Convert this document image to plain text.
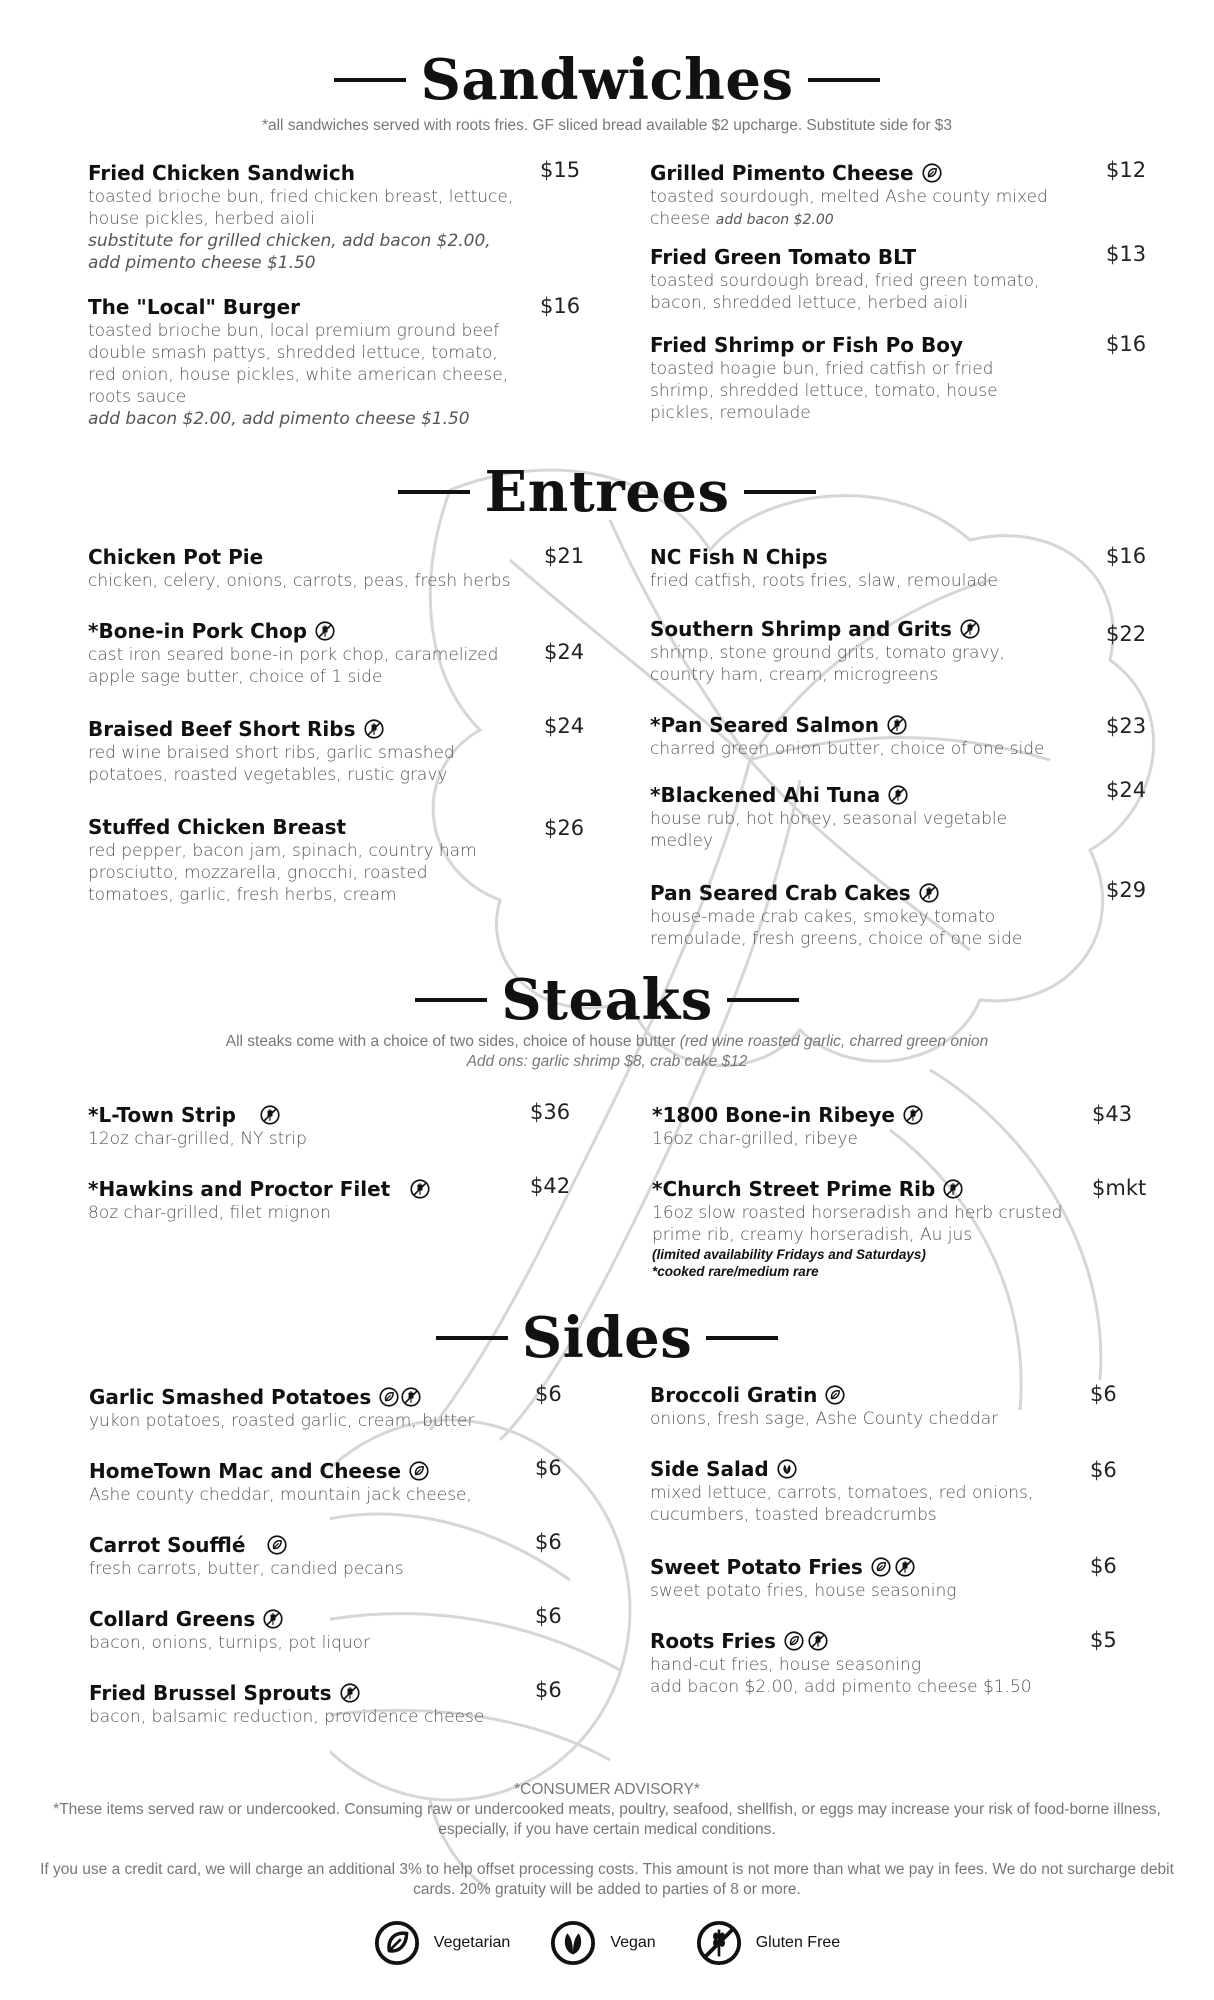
Sandwiches
*all sandwiches served with roots fries. GF sliced bread available $2 upcharge. Substitute side for $3
Fried Chicken Sandwich
toasted brioche bun, fried chicken breast, lettuce, house pickles, herbed aioli
substitute for grilled chicken, add bacon $2.00, add pimento cheese $1.50
$15
The "Local" Burger
toasted brioche bun, local premium ground beef double smash pattys, shredded lettuce, tomato, red onion, house pickles, white american cheese, roots sauce
add bacon $2.00, add pimento cheese $1.50
$16
Grilled Pimento Cheese
toasted sourdough, melted Ashe county mixed cheese add bacon $2.00
$12
Fried Green Tomato BLT
toasted sourdough bread, fried green tomato, bacon, shredded lettuce, herbed aioli
$13
Fried Shrimp or Fish Po Boy
toasted hoagie bun, fried catfish or fried shrimp, shredded lettuce, tomato, house pickles, remoulade
$16
Entrees
Chicken Pot Pie
chicken, celery, onions, carrots, peas, fresh herbs
$21
*Bone-in Pork Chop
cast iron seared bone-in pork chop, caramelized apple sage butter, choice of 1 side
$24
Braised Beef Short Ribs
red wine braised short ribs, garlic smashed potatoes, roasted vegetables, rustic gravy
$24
Stuffed Chicken Breast
red pepper, bacon jam, spinach, country ham prosciutto, mozzarella, gnocchi, roasted tomatoes, garlic, fresh herbs, cream
$26
NC Fish N Chips
fried catfish, roots fries, slaw, remoulade
$16
Southern Shrimp and Grits
shrimp, stone ground grits, tomato gravy, country ham, cream, microgreens
$22
*Pan Seared Salmon
charred green onion butter, choice of one side
$23
*Blackened Ahi Tuna
house rub, hot honey, seasonal vegetable medley
$24
Pan Seared Crab Cakes
house-made crab cakes, smokey tomato remoulade, fresh greens, choice of one side
$29
Steaks
All steaks come with a choice of two sides, choice of house butter (red wine roasted garlic, charred green onion
Add ons: garlic shrimp $8, crab cake $12
*L-Town Strip
12oz char-grilled, NY strip
$36
*Hawkins and Proctor Filet
8oz char-grilled, filet mignon
$42
*1800 Bone-in Ribeye
16oz char-grilled, ribeye
$43
*Church Street Prime Rib
16oz slow roasted horseradish and herb crusted prime rib, creamy horseradish, Au jus
(limited availability Fridays and Saturdays)
*cooked rare/medium rare
$mkt
Sides
Garlic Smashed Potatoes
yukon potatoes, roasted garlic, cream, butter
$6
HomeTown Mac and Cheese
Ashe county cheddar, mountain jack cheese,
$6
Carrot Soufflé
fresh carrots, butter, candied pecans
$6
Collard Greens
bacon, onions, turnips, pot liquor
$6
Fried Brussel Sprouts
bacon, balsamic reduction, providence cheese
$6
Broccoli Gratin
onions, fresh sage, Ashe County cheddar
$6
Side Salad
mixed lettuce, carrots, tomatoes, red onions, cucumbers, toasted breadcrumbs
$6
Sweet Potato Fries
sweet potato fries, house seasoning
$6
Roots Fries
hand-cut fries, house seasoning
add bacon $2.00, add pimento cheese $1.50
$5
*CONSUMER ADVISORY*
*These items served raw or undercooked. Consuming raw or undercooked meats, poultry, seafood, shellfish, or eggs may increase your risk of food-borne illness, especially, if you have certain medical conditions.
If you use a credit card, we will charge an additional 3% to help offset processing costs. This amount is not more than what we pay in fees. We do not surcharge debit cards. 20% gratuity will be added to parties of 8 or more.
Vegetarian	Vegan	Gluten Free
